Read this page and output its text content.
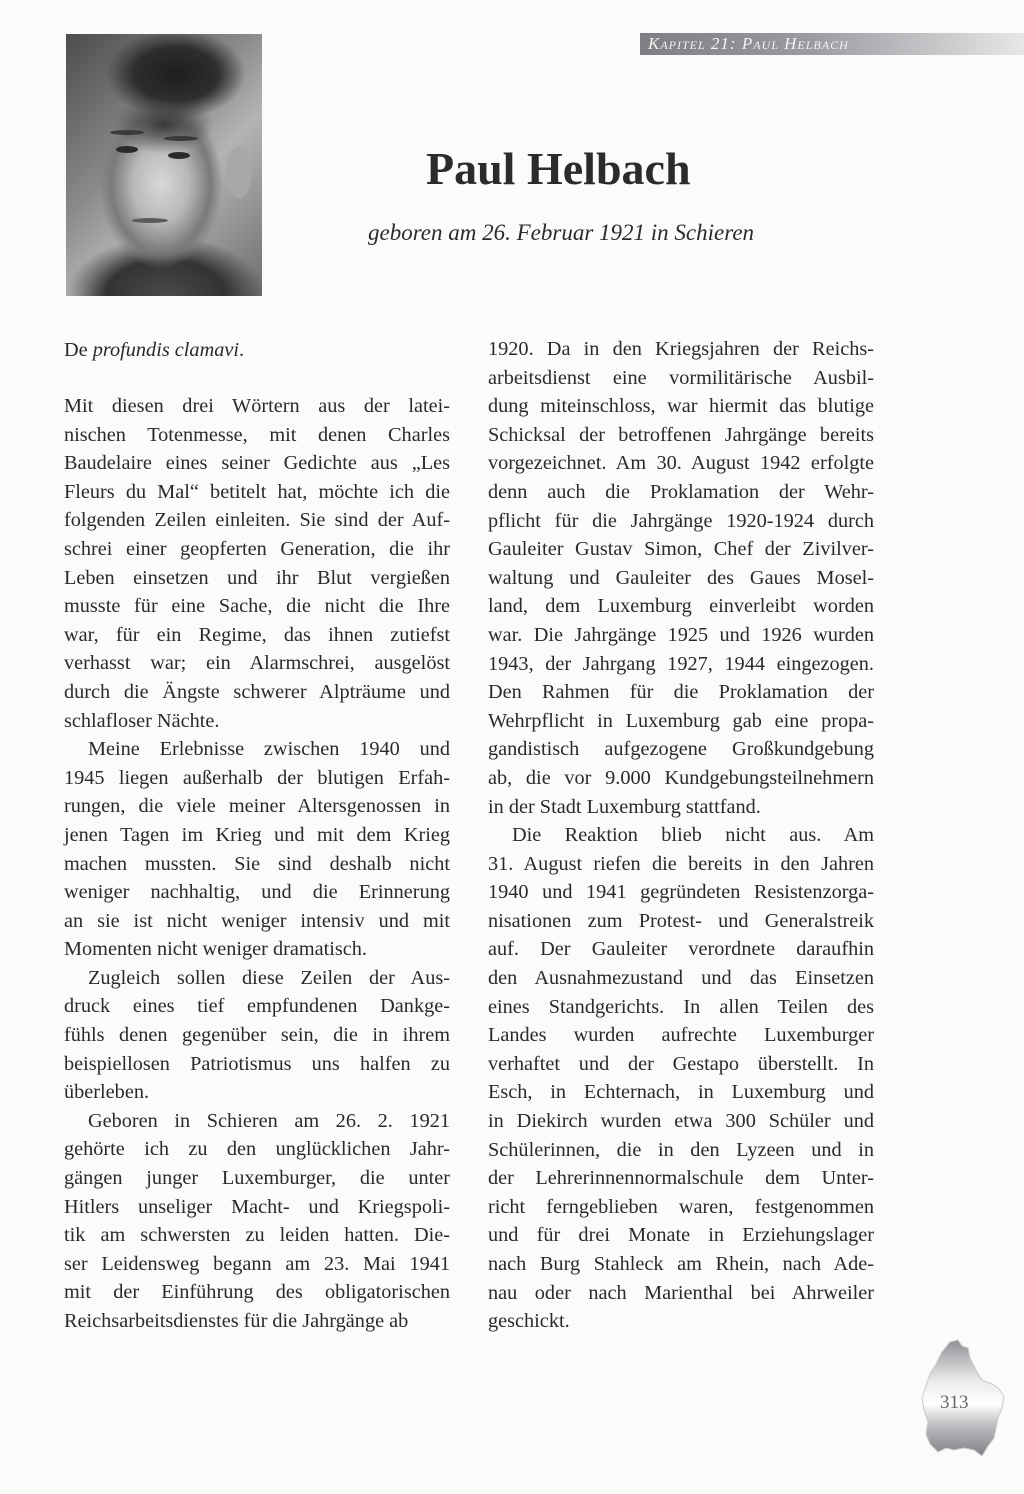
Kapitel 21: Paul Helbach
Paul Helbach
geboren am 26. Februar 1921 in Schieren
De profundis clamavi.
Mit diesen drei Wörtern aus der latei-
nischen Totenmesse, mit denen Charles
Baudelaire eines seiner Gedichte aus „Les
Fleurs du Mal“ betitelt hat, möchte ich die
folgenden Zeilen einleiten. Sie sind der Auf-
schrei einer geopferten Generation, die ihr
Leben einsetzen und ihr Blut vergießen
musste für eine Sache, die nicht die Ihre
war, für ein Regime, das ihnen zutiefst
verhasst war; ein Alarmschrei, ausgelöst
durch die Ängste schwerer Alpträume und
schlafloser Nächte.
Meine Erlebnisse zwischen 1940 und
1945 liegen außerhalb der blutigen Erfah-
rungen, die viele meiner Altersgenossen in
jenen Tagen im Krieg und mit dem Krieg
machen mussten. Sie sind deshalb nicht
weniger nachhaltig, und die Erinnerung
an sie ist nicht weniger intensiv und mit
Momenten nicht weniger dramatisch.
Zugleich sollen diese Zeilen der Aus-
druck eines tief empfundenen Dankge-
fühls denen gegenüber sein, die in ihrem
beispiellosen Patriotismus uns halfen zu
überleben.
Geboren in Schieren am 26. 2. 1921
gehörte ich zu den unglücklichen Jahr-
gängen junger Luxemburger, die unter
Hitlers unseliger Macht- und Kriegspoli-
tik am schwersten zu leiden hatten. Die-
ser Leidensweg begann am 23. Mai 1941
mit der Einführung des obligatorischen
Reichsarbeitsdienstes für die Jahrgänge ab
1920. Da in den Kriegsjahren der Reichs-
arbeitsdienst eine vormilitärische Ausbil-
dung miteinschloss, war hiermit das blutige
Schicksal der betroffenen Jahrgänge bereits
vorgezeichnet. Am 30. August 1942 erfolgte
denn auch die Proklamation der Wehr-
pflicht für die Jahrgänge 1920-1924 durch
Gauleiter Gustav Simon, Chef der Zivilver-
waltung und Gauleiter des Gaues Mosel-
land, dem Luxemburg einverleibt worden
war. Die Jahrgänge 1925 und 1926 wurden
1943, der Jahrgang 1927, 1944 eingezogen.
Den Rahmen für die Proklamation der
Wehrpflicht in Luxemburg gab eine propa-
gandistisch aufgezogene Großkundgebung
ab, die vor 9.000 Kundgebungsteilnehmern
in der Stadt Luxemburg stattfand.
Die Reaktion blieb nicht aus. Am
31. August riefen die bereits in den Jahren
1940 und 1941 gegründeten Resistenzorga-
nisationen zum Protest- und Generalstreik
auf. Der Gauleiter verordnete daraufhin
den Ausnahmezustand und das Einsetzen
eines Standgerichts. In allen Teilen des
Landes wurden aufrechte Luxemburger
verhaftet und der Gestapo überstellt. In
Esch, in Echternach, in Luxemburg und
in Diekirch wurden etwa 300 Schüler und
Schülerinnen, die in den Lyzeen und in
der Lehrerinnennormalschule dem Unter-
richt ferngeblieben waren, festgenommen
und für drei Monate in Erziehungslager
nach Burg Stahleck am Rhein, nach Ade-
nau oder nach Marienthal bei Ahrweiler
geschickt.
313
